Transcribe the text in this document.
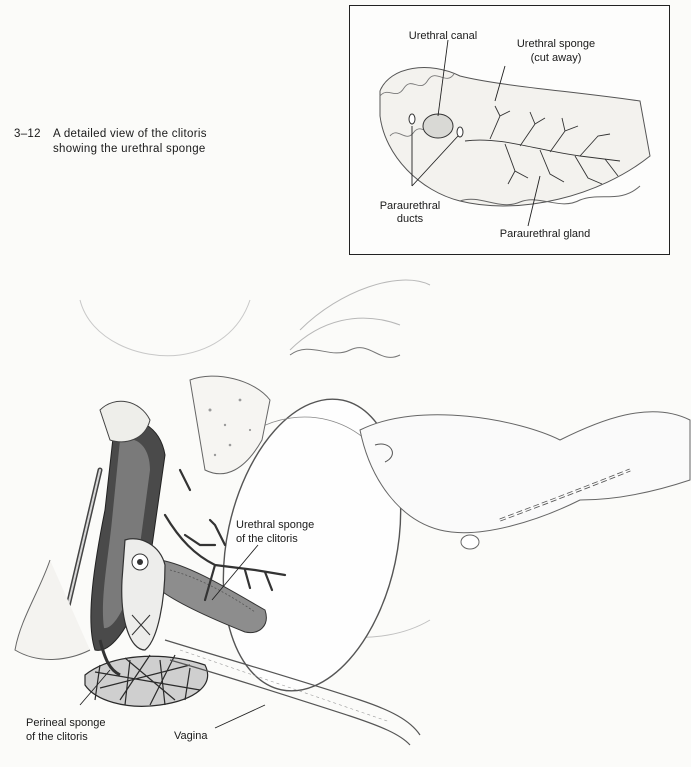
3–12 A detailed view of the clitoris
showing the urethral sponge
Urethral canal
Urethral sponge
(cut away)
Paraurethral
ducts
Paraurethral gland
Urethral sponge
of the clitoris
Perineal sponge
of the clitoris	Vagina
